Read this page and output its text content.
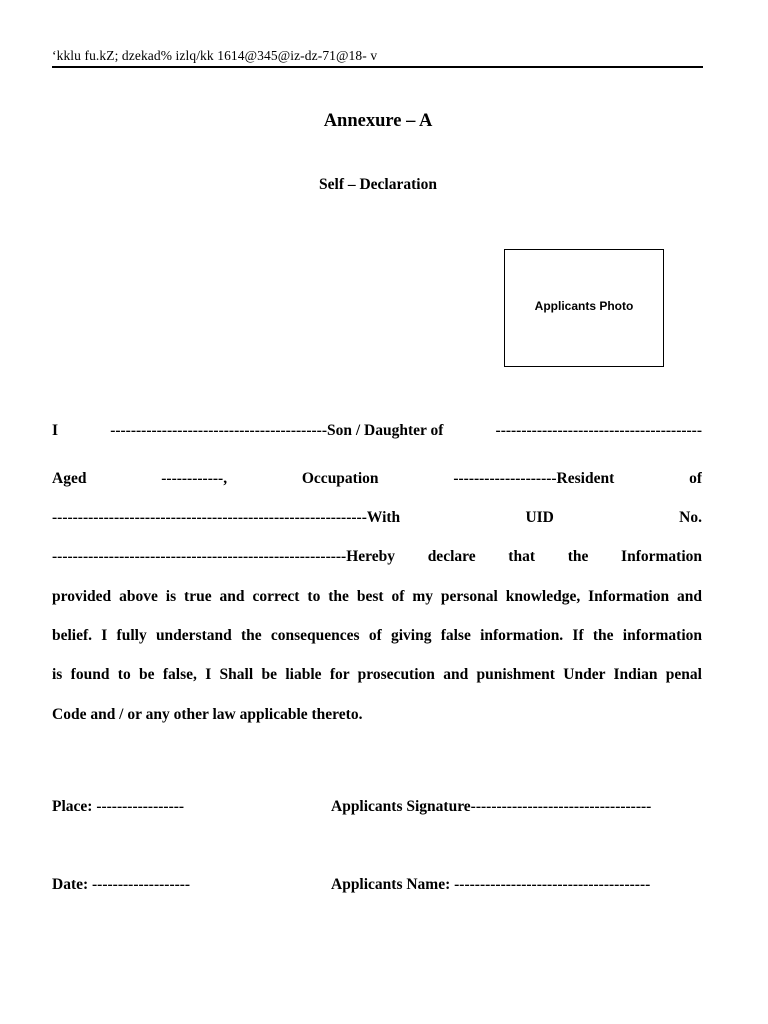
‘kklu fu.kZ; dzekad% izlq/kk 1614@345@iz-dz-71@18- v
Annexure – A
Self – Declaration
Applicants Photo
I	------------------------------------------Son / Daughter of	----------------------------------------
Aged	------------,	Occupation	--------------------Resident	of
-------------------------------------------------------------With	UID	No.
---------------------------------------------------------Hereby declare that the Information
provided above is true and correct to the best of my personal knowledge, Information and
belief. I fully understand the consequences of giving false information. If the information
is found to be false, I Shall be liable for prosecution and punishment Under Indian penal
Code and / or any other law applicable thereto.
Place: -----------------	Applicants Signature-----------------------------------
Date: -------------------	Applicants Name: --------------------------------------
